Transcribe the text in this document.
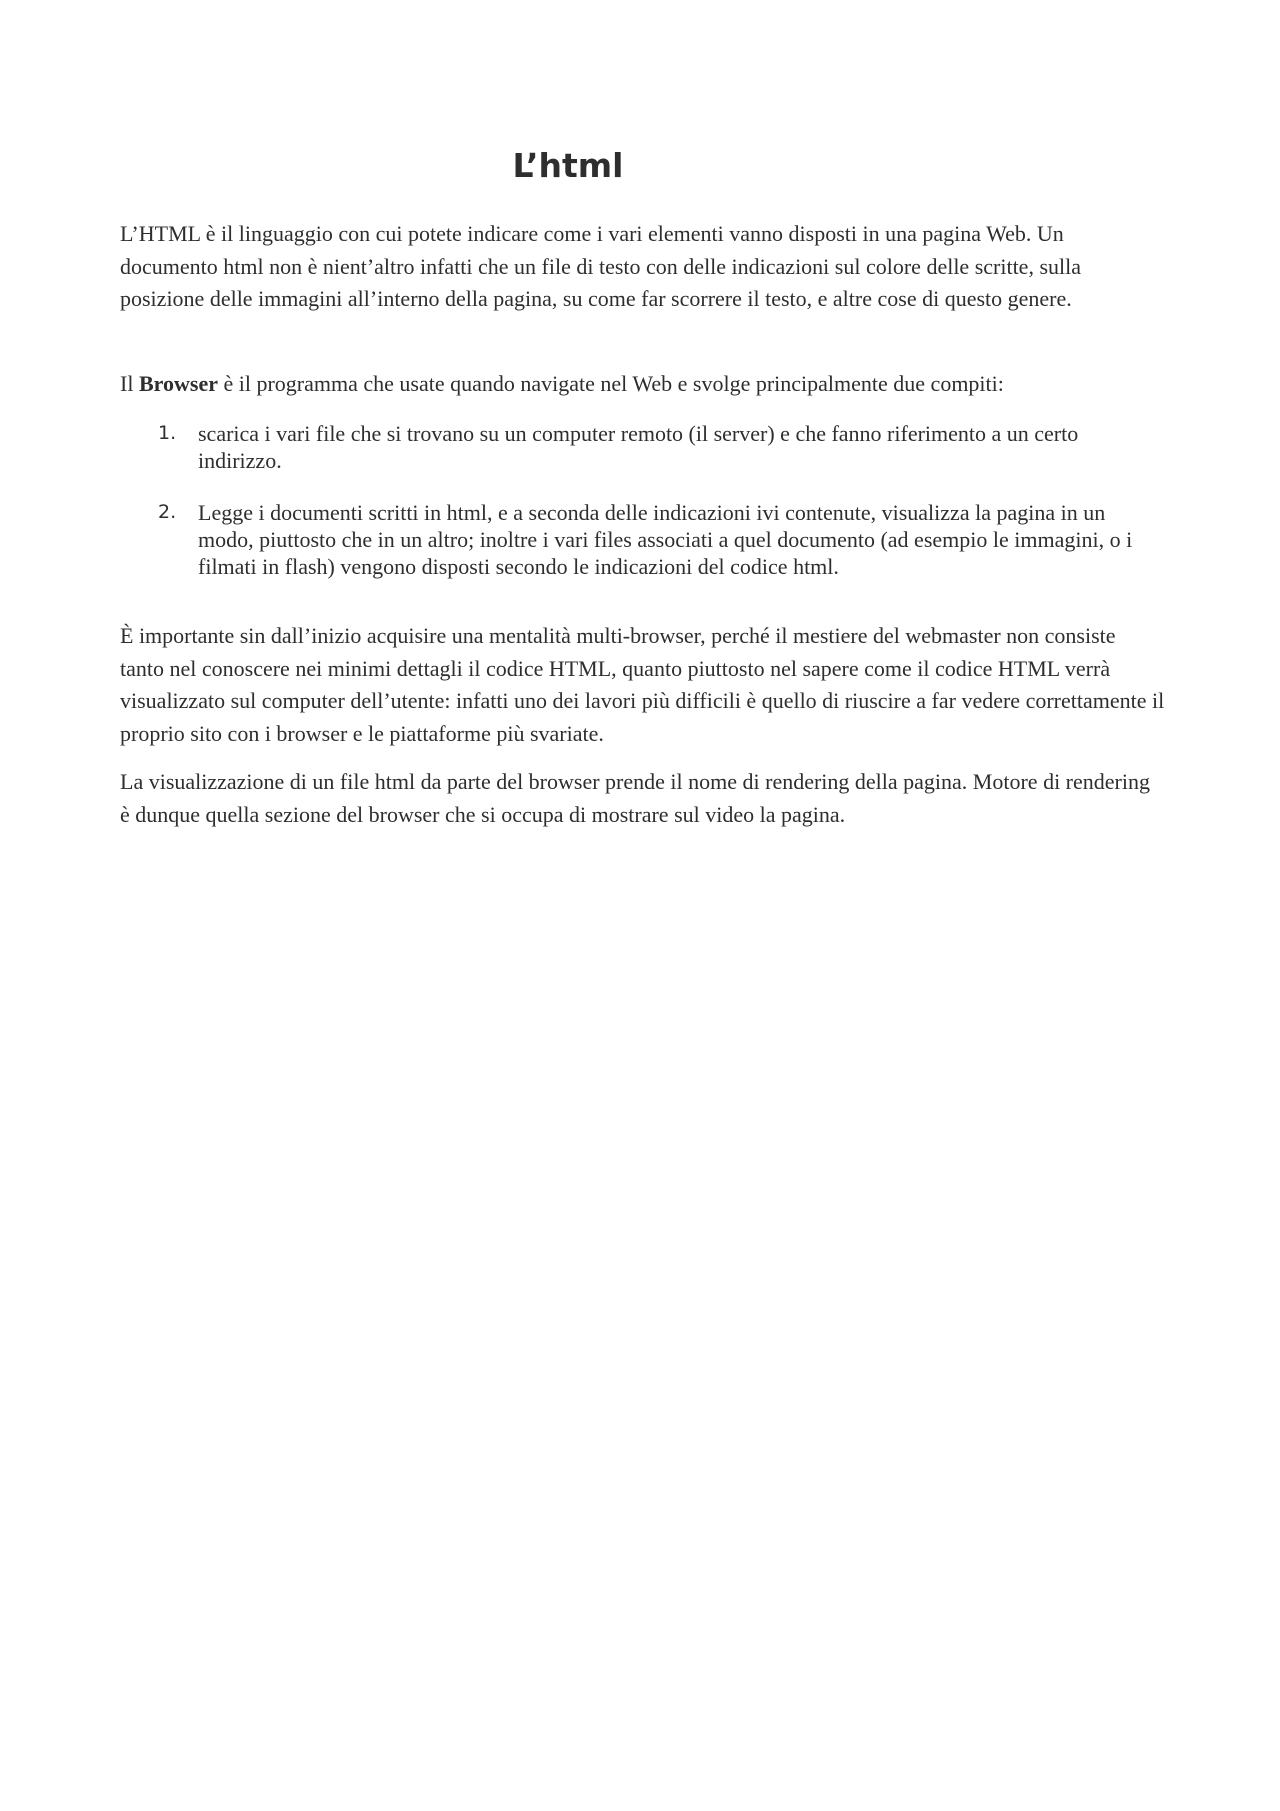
L’html

L’HTML è il linguaggio con cui potete indicare come i vari elementi vanno disposti in una pagina Web. Un documento html non è nient’altro infatti che un file di testo con delle indicazioni sul colore delle scritte, sulla posizione delle immagini all’interno della pagina, su come far scorrere il testo, e altre cose di questo genere.

Il Browser è il programma che usate quando navigate nel Web e svolge principalmente due compiti:

1. scarica i vari file che si trovano su un computer remoto (il server) e che fanno riferimento a un certo indirizzo.
2. Legge i documenti scritti in html, e a seconda delle indicazioni ivi contenute, visualizza la pagina in un modo, piuttosto che in un altro; inoltre i vari files associati a quel documento (ad esempio le immagini, o i filmati in flash) vengono disposti secondo le indicazioni del codice html.

È importante sin dall’inizio acquisire una mentalità multi-browser, perché il mestiere del webmaster non consiste tanto nel conoscere nei minimi dettagli il codice HTML, quanto piuttosto nel sapere come il codice HTML verrà visualizzato sul computer dell’utente: infatti uno dei lavori più difficili è quello di riuscire a far vedere correttamente il proprio sito con i browser e le piattaforme più svariate.

La visualizzazione di un file html da parte del browser prende il nome di rendering della pagina. Motore di rendering è dunque quella sezione del browser che si occupa di mostrare sul video la pagina.
